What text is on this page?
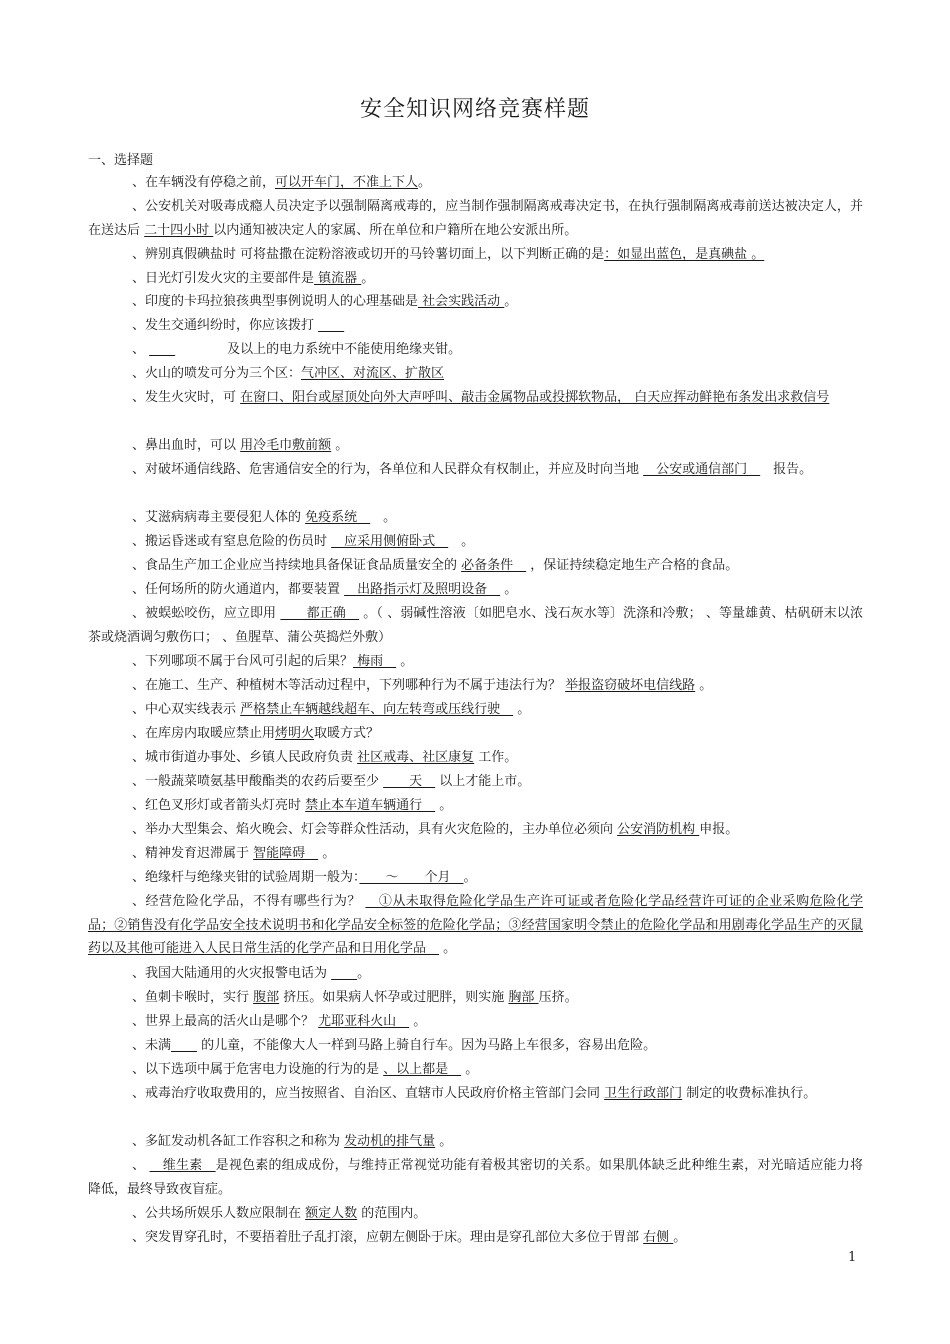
安全知识网络竞赛样题
一、选择题

、在车辆没有停稳之前，可以开车门，不准上下人。

、公安机关对吸毒成瘾人员决定予以强制隔离戒毒的，应当制作强制隔离戒毒决定书，在执行强制隔离戒毒前送达被决定人，并在送达后 二十四小时 以内通知被决定人的家属、所在单位和户籍所在地公安派出所。

、辨别真假碘盐时 可将盐撒在淀粉溶液或切开的马铃薯切面上，以下判断正确的是：如显出蓝色，是真碘盐 。

、日光灯引发火灾的主要部件是 镇流器 。

、印度的卡玛拉狼孩典型事例说明人的心理基础是 社会实践活动 。

、发生交通纠纷时，你应该拨打 　　

、 　　　　　　及以上的电力系统中不能使用绝缘夹钳。

、火山的喷发可分为三个区：气冲区、对流区、扩散区

、发生火灾时，可 在窗口、阳台或屋顶处向外大声呼叫、敲击金属物品或投掷软物品， 白天应挥动鲜艳布条发出求救信号

、鼻出血时，可以 用冷毛巾敷前额 。

、对破坏通信线路、危害通信安全的行为，各单位和人民群众有权制止，并应及时向当地 　公安或通信部门　　报告。

、艾滋病病毒主要侵犯人体的 免疫系统　　。

、搬运昏迷或有窒息危险的伤员时 　应采用侧俯卧式　　。

、食品生产加工企业应当持续地具备保证食品质量安全的 必备条件　 ，保证持续稳定地生产合格的食品。

、任何场所的防火通道内，都要装置 　出路指示灯及照明设备　 。

、被蜈蚣咬伤，应立即用 　　都正确　 。（ 、弱碱性溶液〔如肥皂水、浅石灰水等〕洗涤和冷敷； 、等量雄黄、枯矾研末以浓茶或烧酒调匀敷伤口； 、鱼腥草、蒲公英捣烂外敷）

、下列哪项不属于台风可引起的后果？ 梅雨　 。

、在施工、生产、种植树木等活动过程中，下列哪种行为不属于违法行为？ 举报盗窃破坏电信线路 。

、中心双实线表示 严格禁止车辆越线超车、向左转弯或压线行驶　 。

、在库房内取暖应禁止用烤明火取暖方式？

、城市街道办事处、乡镇人民政府负责 社区戒毒、社区康复 工作。

、一般蔬菜喷氨基甲酸酯类的农药后要至少 　　天　 以上才能上市。

、红色叉形灯或者箭头灯亮时 禁止本车道车辆通行　 。

、举办大型集会、焰火晚会、灯会等群众性活动，具有火灾危险的，主办单位必须向 公安消防机构 申报。

、精神发育迟滞属于 智能障碍　 。

、绝缘杆与绝缘夹钳的试验周期一般为：　　～　　个月　。

、经营危险化学品，不得有哪些行为？ 　①从未取得危险化学品生产许可证或者危险化学品经营许可证的企业采购危险化学品；②销售没有化学品安全技术说明书和化学品安全标签的危险化学品；③经营国家明令禁止的危险化学品和用剧毒化学品生产的灭鼠药以及其他可能进入人民日常生活的化学产品和日用化学品　 。

、我国大陆通用的火灾报警电话为 　　。

、鱼刺卡喉时，实行 腹部 挤压。如果病人怀孕或过肥胖，则实施 胸部 压挤。

、世界上最高的活火山是哪个？ 尤耶亚科火山　 。

、未满　　 的儿童，不能像大人一样到马路上骑自行车。因为马路上车很多，容易出危险。

、以下选项中属于危害电力设施的行为的是 、以上都是　 。

、戒毒治疗收取费用的，应当按照省、自治区、直辖市人民政府价格主管部门会同 卫生行政部门 制定的收费标准执行。

、多缸发动机各缸工作容积之和称为 发动机的排气量 。

、 　维生素　是视色素的组成成份，与维持正常视觉功能有着极其密切的关系。如果肌体缺乏此种维生素，对光暗适应能力将降低，最终导致夜盲症。

、公共场所娱乐人数应限制在 额定人数 的范围内。

、突发胃穿孔时，不要捂着肚子乱打滚，应朝左侧卧于床。理由是穿孔部位大多位于胃部 右侧 。

1
